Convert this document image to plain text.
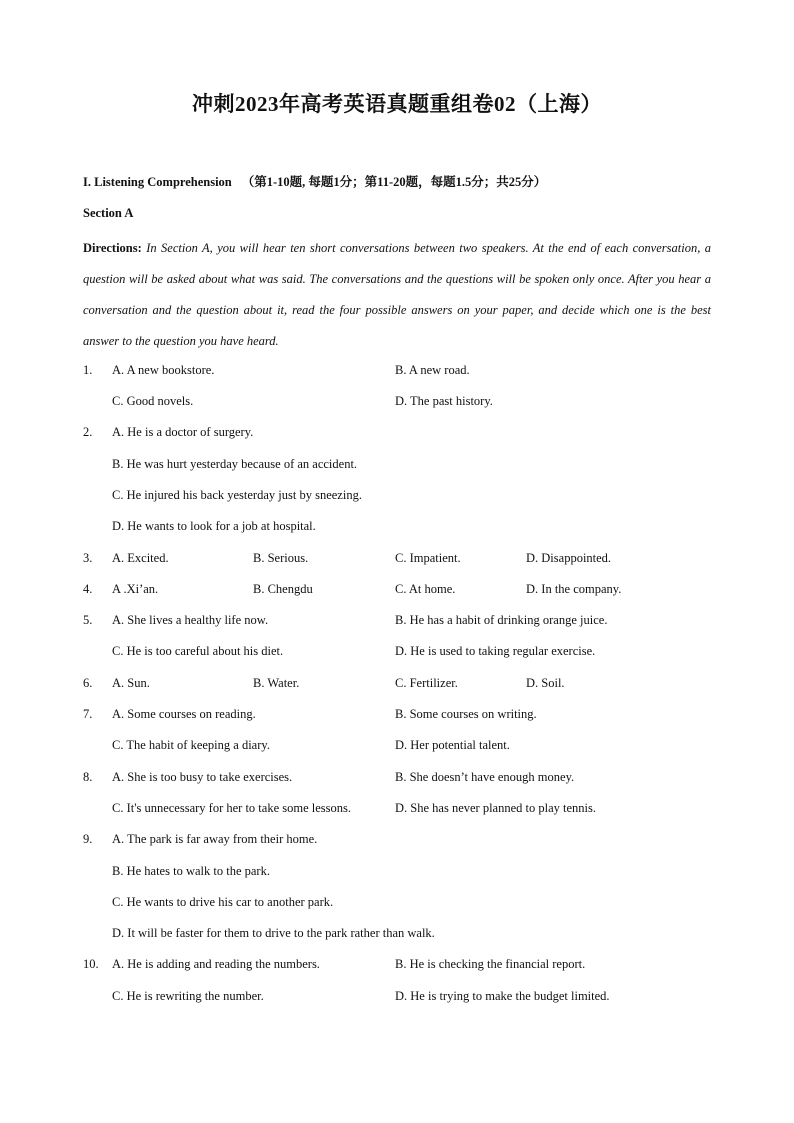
冲刺2023年高考英语真题重组卷02（上海）
I. Listening Comprehension （第1-10题, 每题1分；第11-20题，每题1.5分；共25分）
Section A

Directions: In Section A, you will hear ten short conversations between two speakers. At the end of each conversation, a question will be asked about what was said. The conversations and the questions will be spoken only once. After you hear a conversation and the question about it, read the four possible answers on your paper, and decide which one is the best answer to the question you have heard.

1. A. A new bookstore.	B. A new road.
C. Good novels.	D. The past history.
2. A. He is a doctor of surgery.
B. He was hurt yesterday because of an accident.
C. He injured his back yesterday just by sneezing.
D. He wants to look for a job at hospital.
3. A. Excited.	B. Serious.	C. Impatient.	D. Disappointed.
4. A .Xi’an.	B. Chengdu	C. At home.	D. In the company.
5. A. She lives a healthy life now.	B. He has a habit of drinking orange juice.
C. He is too careful about his diet.	D. He is used to taking regular exercise.
6. A. Sun.	B. Water.	C. Fertilizer.	D. Soil.
7. A. Some courses on reading.	B. Some courses on writing.
C. The habit of keeping a diary.	D. Her potential talent.
8. A. She is too busy to take exercises.	B. She doesn’t have enough money.
C. It's unnecessary for her to take some lessons.	D. She has never planned to play tennis.
9. A. The park is far away from their home.
B. He hates to walk to the park.
C. He wants to drive his car to another park.
D. It will be faster for them to drive to the park rather than walk.
10. A. He is adding and reading the numbers.	B. He is checking the financial report.
C. He is rewriting the number.	D. He is trying to make the budget limited.
